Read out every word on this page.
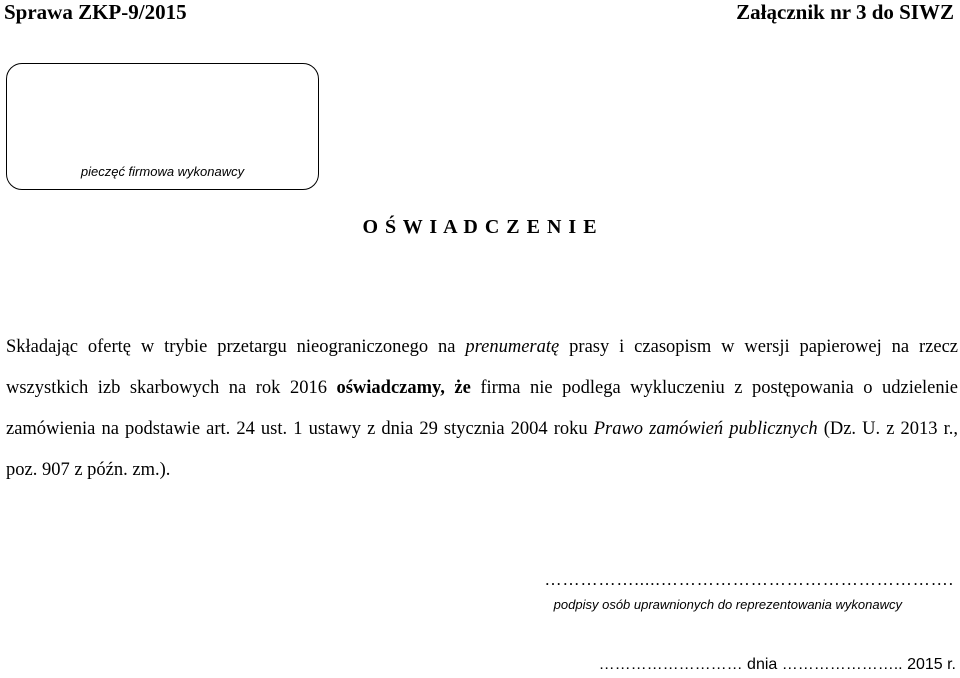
Sprawa ZKP-9/2015	Załącznik nr 3 do SIWZ
pieczęć firmowa wykonawcy
O Ś W I A D C Z E N I E
Składając ofertę w trybie przetargu nieograniczonego na prenumeratę prasy i czasopism w wersji papierowej na rzecz wszystkich izb skarbowych na rok 2016 oświadczamy, że firma nie podlega wykluczeniu z postępowania o udzielenie zamówienia na podstawie art. 24 ust. 1 ustawy z dnia 29 stycznia 2004 roku Prawo zamówień publicznych (Dz. U. z 2013 r., poz. 907 z późn. zm.).
…………….....………………………………………….
podpisy osób uprawnionych do reprezentowania wykonawcy
……………………… dnia ………………….. 2015 r.
